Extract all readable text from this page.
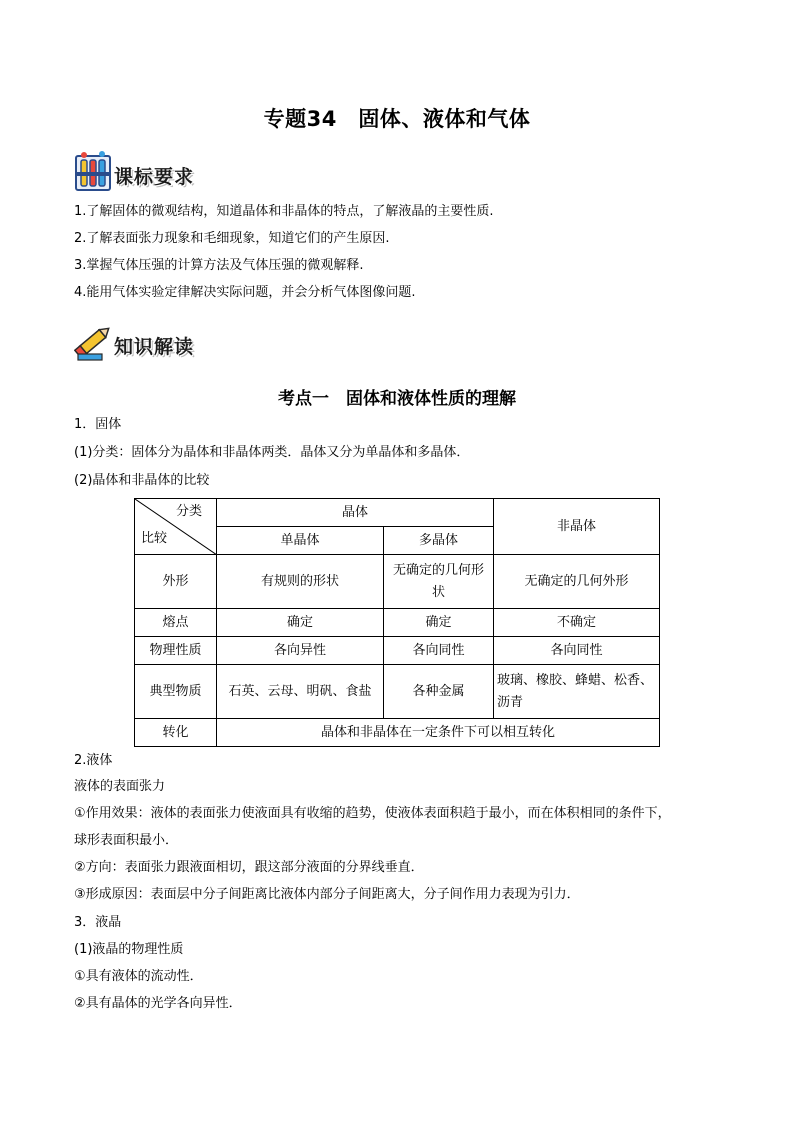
专题34　固体、液体和气体
课标要求
1.了解固体的微观结构，知道晶体和非晶体的特点，了解液晶的主要性质.
2.了解表面张力现象和毛细现象，知道它们的产生原因.
3.掌握气体压强的计算方法及气体压强的微观解释.
4.能用气体实验定律解决实际问题，并会分析气体图像问题.
知识解读
考点一　固体和液体性质的理解
1．固体
(1)分类：固体分为晶体和非晶体两类．晶体又分为单晶体和多晶体．
(2)晶体和非晶体的比较
分类
比较	晶体		非晶体
	单晶体	多晶体	
外形	有规则的形状	无确定的几何形状	无确定的几何外形
熔点	确定	确定	不确定
物理性质	各向异性	各向同性	各向同性
典型物质	石英、云母、明矾、食盐	各种金属	玻璃、橡胶、蜂蜡、松香、沥青
转化	晶体和非晶体在一定条件下可以相互转化		
2.液体
液体的表面张力
①作用效果：液体的表面张力使液面具有收缩的趋势，使液体表面积趋于最小，而在体积相同的条件下，
球形表面积最小．
②方向：表面张力跟液面相切，跟这部分液面的分界线垂直．
③形成原因：表面层中分子间距离比液体内部分子间距离大，分子间作用力表现为引力．
3．液晶
(1)液晶的物理性质
①具有液体的流动性．
②具有晶体的光学各向异性．
